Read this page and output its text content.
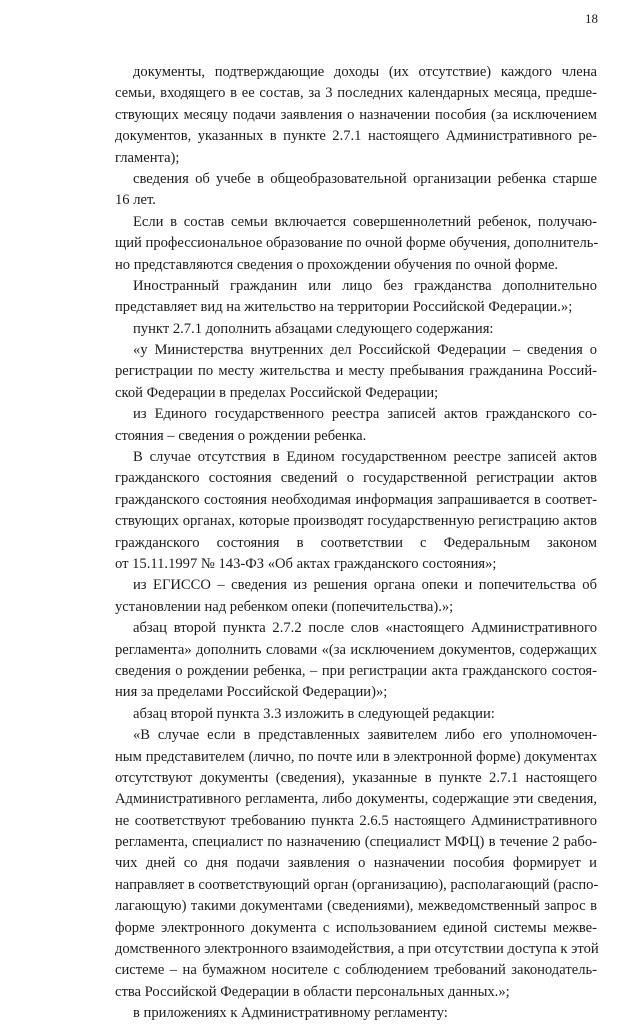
18
документы, подтверждающие доходы (их отсутствие) каждого члена
семьи, входящего в ее состав, за 3 последних календарных месяца, предше-
ствующих месяцу подачи заявления о назначении пособия (за исключением
документов, указанных в пункте 2.7.1 настоящего Административного ре-
гламента);
сведения об учебе в общеобразовательной организации ребенка старше
16 лет.
Если в состав семьи включается совершеннолетний ребенок, получаю-
щий профессиональное образование по очной форме обучения, дополнитель-
но представляются сведения о прохождении обучения по очной форме.
Иностранный гражданин или лицо без гражданства дополнительно
представляет вид на жительство на территории Российской Федерации.»;
пункт 2.7.1 дополнить абзацами следующего содержания:
«у Министерства внутренних дел Российской Федерации – сведения о
регистрации по месту жительства и месту пребывания гражданина Россий-
ской Федерации в пределах Российской Федерации;
из Единого государственного реестра записей актов гражданского со-
стояния – сведения о рождении ребенка.
В случае отсутствия в Едином государственном реестре записей актов
гражданского состояния сведений о государственной регистрации актов
гражданского состояния необходимая информация запрашивается в соответ-
ствующих органах, которые производят государственную регистрацию актов
гражданского состояния в соответствии с Федеральным законом
от 15.11.1997 № 143-ФЗ «Об актах гражданского состояния»;
из ЕГИССО – сведения из решения органа опеки и попечительства об
установлении над ребенком опеки (попечительства).»;
абзац второй пункта 2.7.2 после слов «настоящего Административного
регламента» дополнить словами «(за исключением документов, содержащих
сведения о рождении ребенка, – при регистрации акта гражданского состоя-
ния за пределами Российской Федерации)»;
абзац второй пункта 3.3 изложить в следующей редакции:
«В случае если в представленных заявителем либо его уполномочен-
ным представителем (лично, по почте или в электронной форме) документах
отсутствуют документы (сведения), указанные в пункте 2.7.1 настоящего
Административного регламента, либо документы, содержащие эти сведения,
не соответствуют требованию пункта 2.6.5 настоящего Административного
регламента, специалист по назначению (специалист МФЦ) в течение 2 рабо-
чих дней со дня подачи заявления о назначении пособия формирует и
направляет в соответствующий орган (организацию), располагающий (распо-
лагающую) такими документами (сведениями), межведомственный запрос в
форме электронного документа с использованием единой системы межве-
домственного электронного взаимодействия, а при отсутствии доступа к этой
системе – на бумажном носителе с соблюдением требований законодатель-
ства Российской Федерации в области персональных данных.»;
в приложениях к Административному регламенту:
